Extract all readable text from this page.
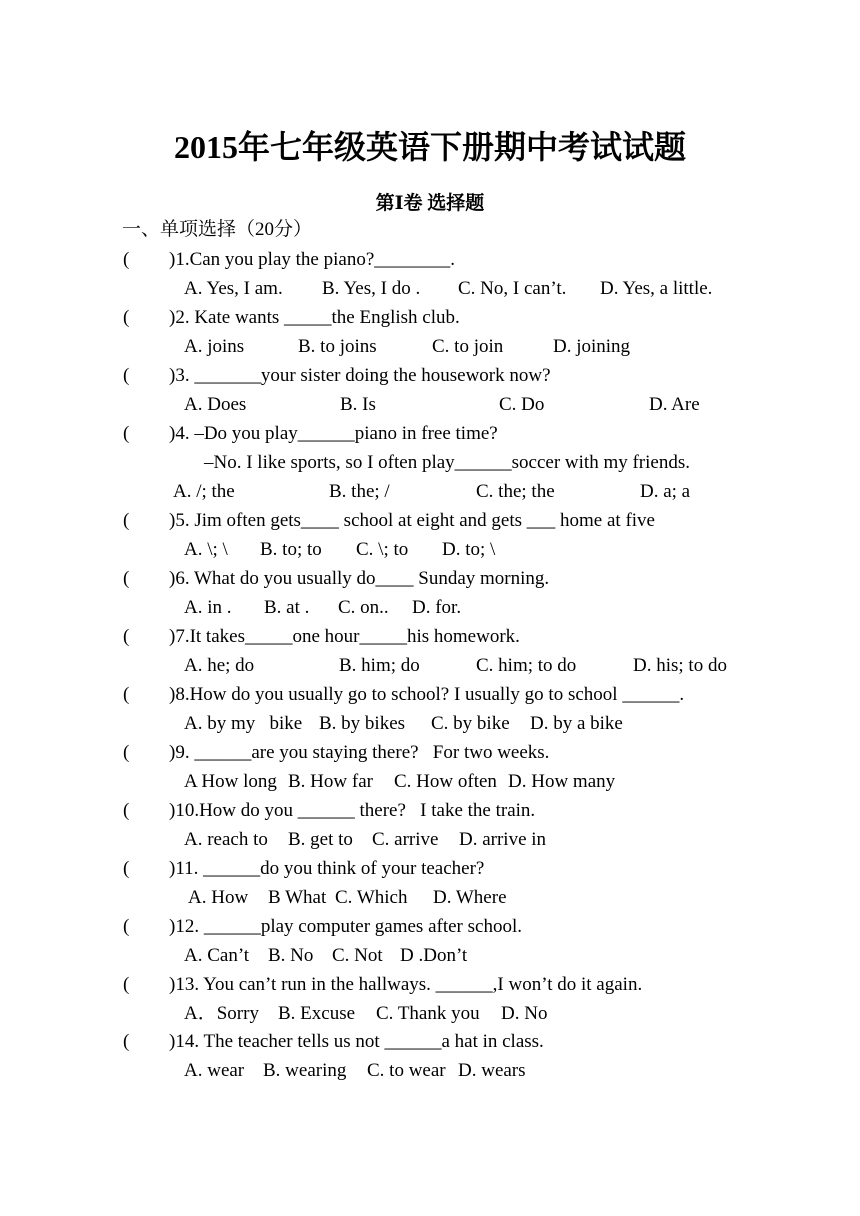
2015年七年级英语下册期中考试试题
第Ⅰ卷 选择题
一、单项选择（20分）
( )1.Can you play the piano?________.
A. Yes, I am. B. Yes, I do . C. No, I can’t. D. Yes, a little.
( )2. Kate wants _____the English club.
A. joins	B. to joins	C. to join	D. joining
( )3. _______your sister doing the housework now?
A. Does	B. Is	C. Do	D. Are
( )4. –Do you play______piano in free time?
–No. I like sports, so I often play______soccer with my friends.
A. /; the	B. the; /	C. the; the	D. a; a
( )5. Jim often gets____ school at eight and gets ___ home at five
A. \; \ B. to; to C. \; to D. to; \
( )6. What do you usually do____ Sunday morning.
A. in . B. at . C. on.. D. for.
( )7.It takes_____one hour_____his homework.
A. he; do	B. him; do	C. him; to do	D. his; to do
( )8.How do you usually go to school? I usually go to school ______.
A. by my   bike B. by bikes C. by bike D. by a bike
( )9. ______are you staying there?   For two weeks.
A How long B. How far C. How often D. How many
( )10.How do you ______ there?   I take the train.
A. reach to B. get to C. arrive D. arrive in
( )11. ______do you think of your teacher?
A. How B What C. Which D. Where
( )12. ______play computer games after school.
A. Can’t B. No C. Not D .Don’t
( )13. You can’t run in the hallways. ______,I won’t do it again.
A．Sorry B. Excuse C. Thank you D. No
( )14. The teacher tells us not ______a hat in class.
A. wear B. wearing C. to wear D. wears
